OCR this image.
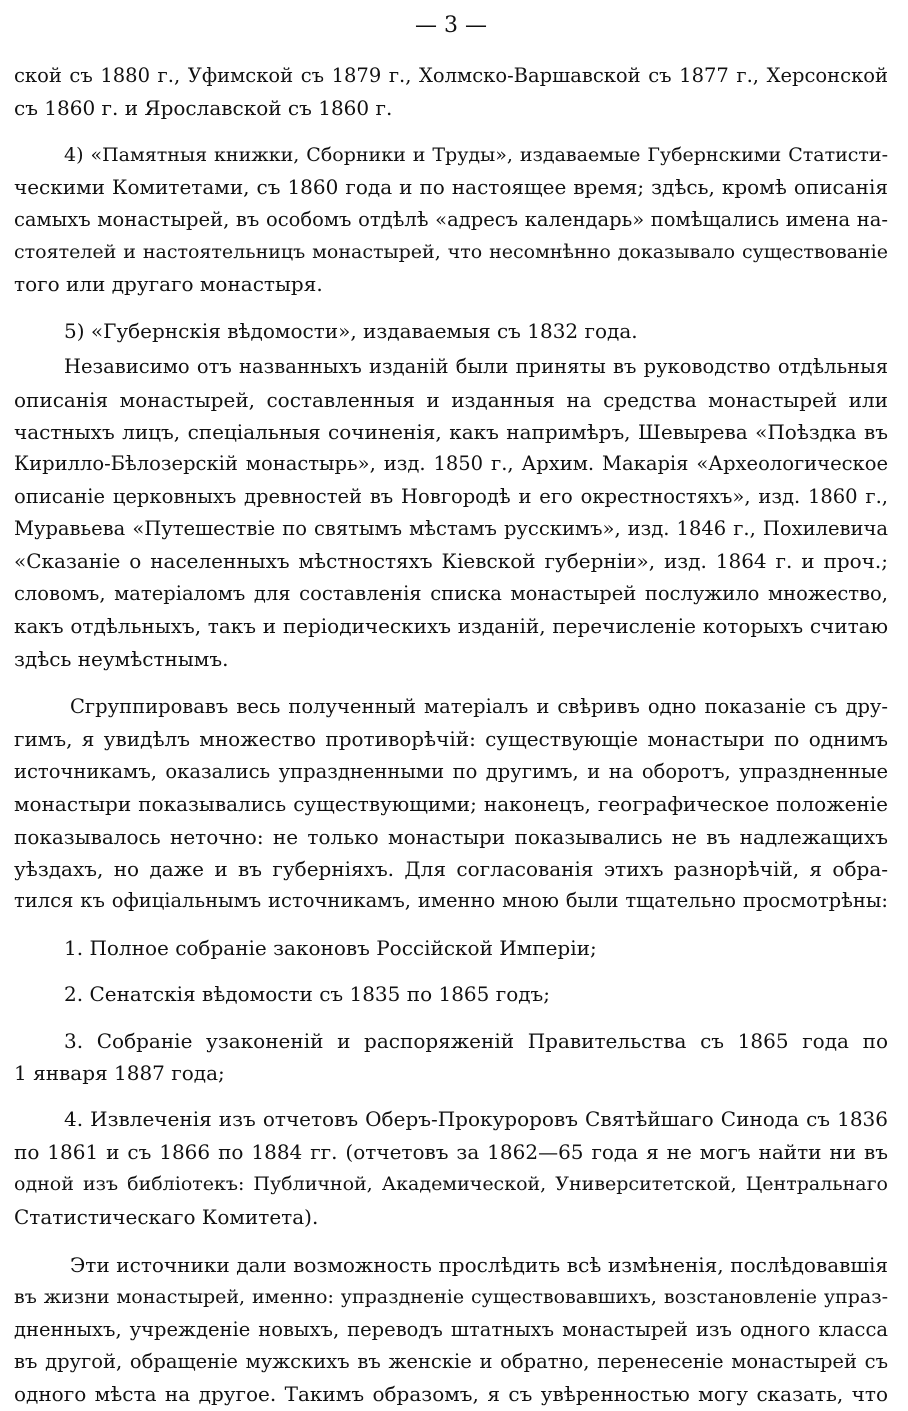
— 3 —
ской съ 1880 г., Уфимской съ 1879 г., Холмско-Варшавской съ 1877 г., Херсонской
съ 1860 г. и Ярославской съ 1860 г.
4) «Памятныя книжки, Сборники и Труды», издаваемые Губернскими Статисти-
ческими Комитетами, съ 1860 года и по настоящее время; здѣсь, кромѣ описанія
самыхъ монастырей, въ особомъ отдѣлѣ «адресъ календарь» помѣщались имена на-
стоятелей и настоятельницъ монастырей, что несомнѣнно доказывало существованіе
того или другаго монастыря.
5) «Губернскія вѣдомости», издаваемыя съ 1832 года.
Независимо отъ названныхъ изданій были приняты въ руководство отдѣльныя
описанія монастырей, составленныя и изданныя на средства монастырей или
частныхъ лицъ, спеціальныя сочиненія, какъ напримѣръ, Шевырева «Поѣздка въ
Кирилло-Бѣлозерскій монастырь», изд. 1850 г., Архим. Макарія «Археологическое
описаніе церковныхъ древностей въ Новгородѣ и его окрестностяхъ», изд. 1860 г.,
Муравьева «Путешествіе по святымъ мѣстамъ русскимъ», изд. 1846 г., Похилевича
«Сказаніе о населенныхъ мѣстностяхъ Кіевской губерніи», изд. 1864 г. и проч.;
словомъ, матеріаломъ для составленія списка монастырей послужило множество,
какъ отдѣльныхъ, такъ и періодическихъ изданій, перечисленіе которыхъ считаю
здѣсь неумѣстнымъ.
Сгруппировавъ весь полученный матеріалъ и свѣривъ одно показаніе съ дру-
гимъ, я увидѣлъ множество противорѣчій: существующіе монастыри по однимъ
источникамъ, оказались упраздненными по другимъ, и на оборотъ, упраздненные
монастыри показывались существующими; наконецъ, географическое положеніе
показывалось неточно: не только монастыри показывались не въ надлежащихъ
уѣздахъ, но даже и въ губерніяхъ. Для согласованія этихъ разнорѣчій, я обра-
тился къ офиціальнымъ источникамъ, именно мною были тщательно просмотрѣны:
1. Полное собраніе законовъ Россійской Имперіи;
2. Сенатскія вѣдомости съ 1835 по 1865 годъ;
3. Собраніе узаконеній и распоряженій Правительства съ 1865 года по
1 января 1887 года;
4. Извлеченія изъ отчетовъ Оберъ-Прокуроровъ Святѣйшаго Синода съ 1836
по 1861 и съ 1866 по 1884 гг. (отчетовъ за 1862—65 года я не могъ найти ни въ
одной изъ библіотекъ: Публичной, Академической, Университетской, Центральнаго
Статистическаго Комитета).
Эти источники дали возможность прослѣдить всѣ измѣненія, послѣдовавшія
въ жизни монастырей, именно: упраздненіе существовавшихъ, возстановленіе упраз-
дненныхъ, учрежденіе новыхъ, переводъ штатныхъ монастырей изъ одного класса
въ другой, обращеніе мужскихъ въ женскіе и обратно, перенесеніе монастырей съ
одного мѣста на другое. Такимъ образомъ, я съ увѣренностью могу сказать, что
